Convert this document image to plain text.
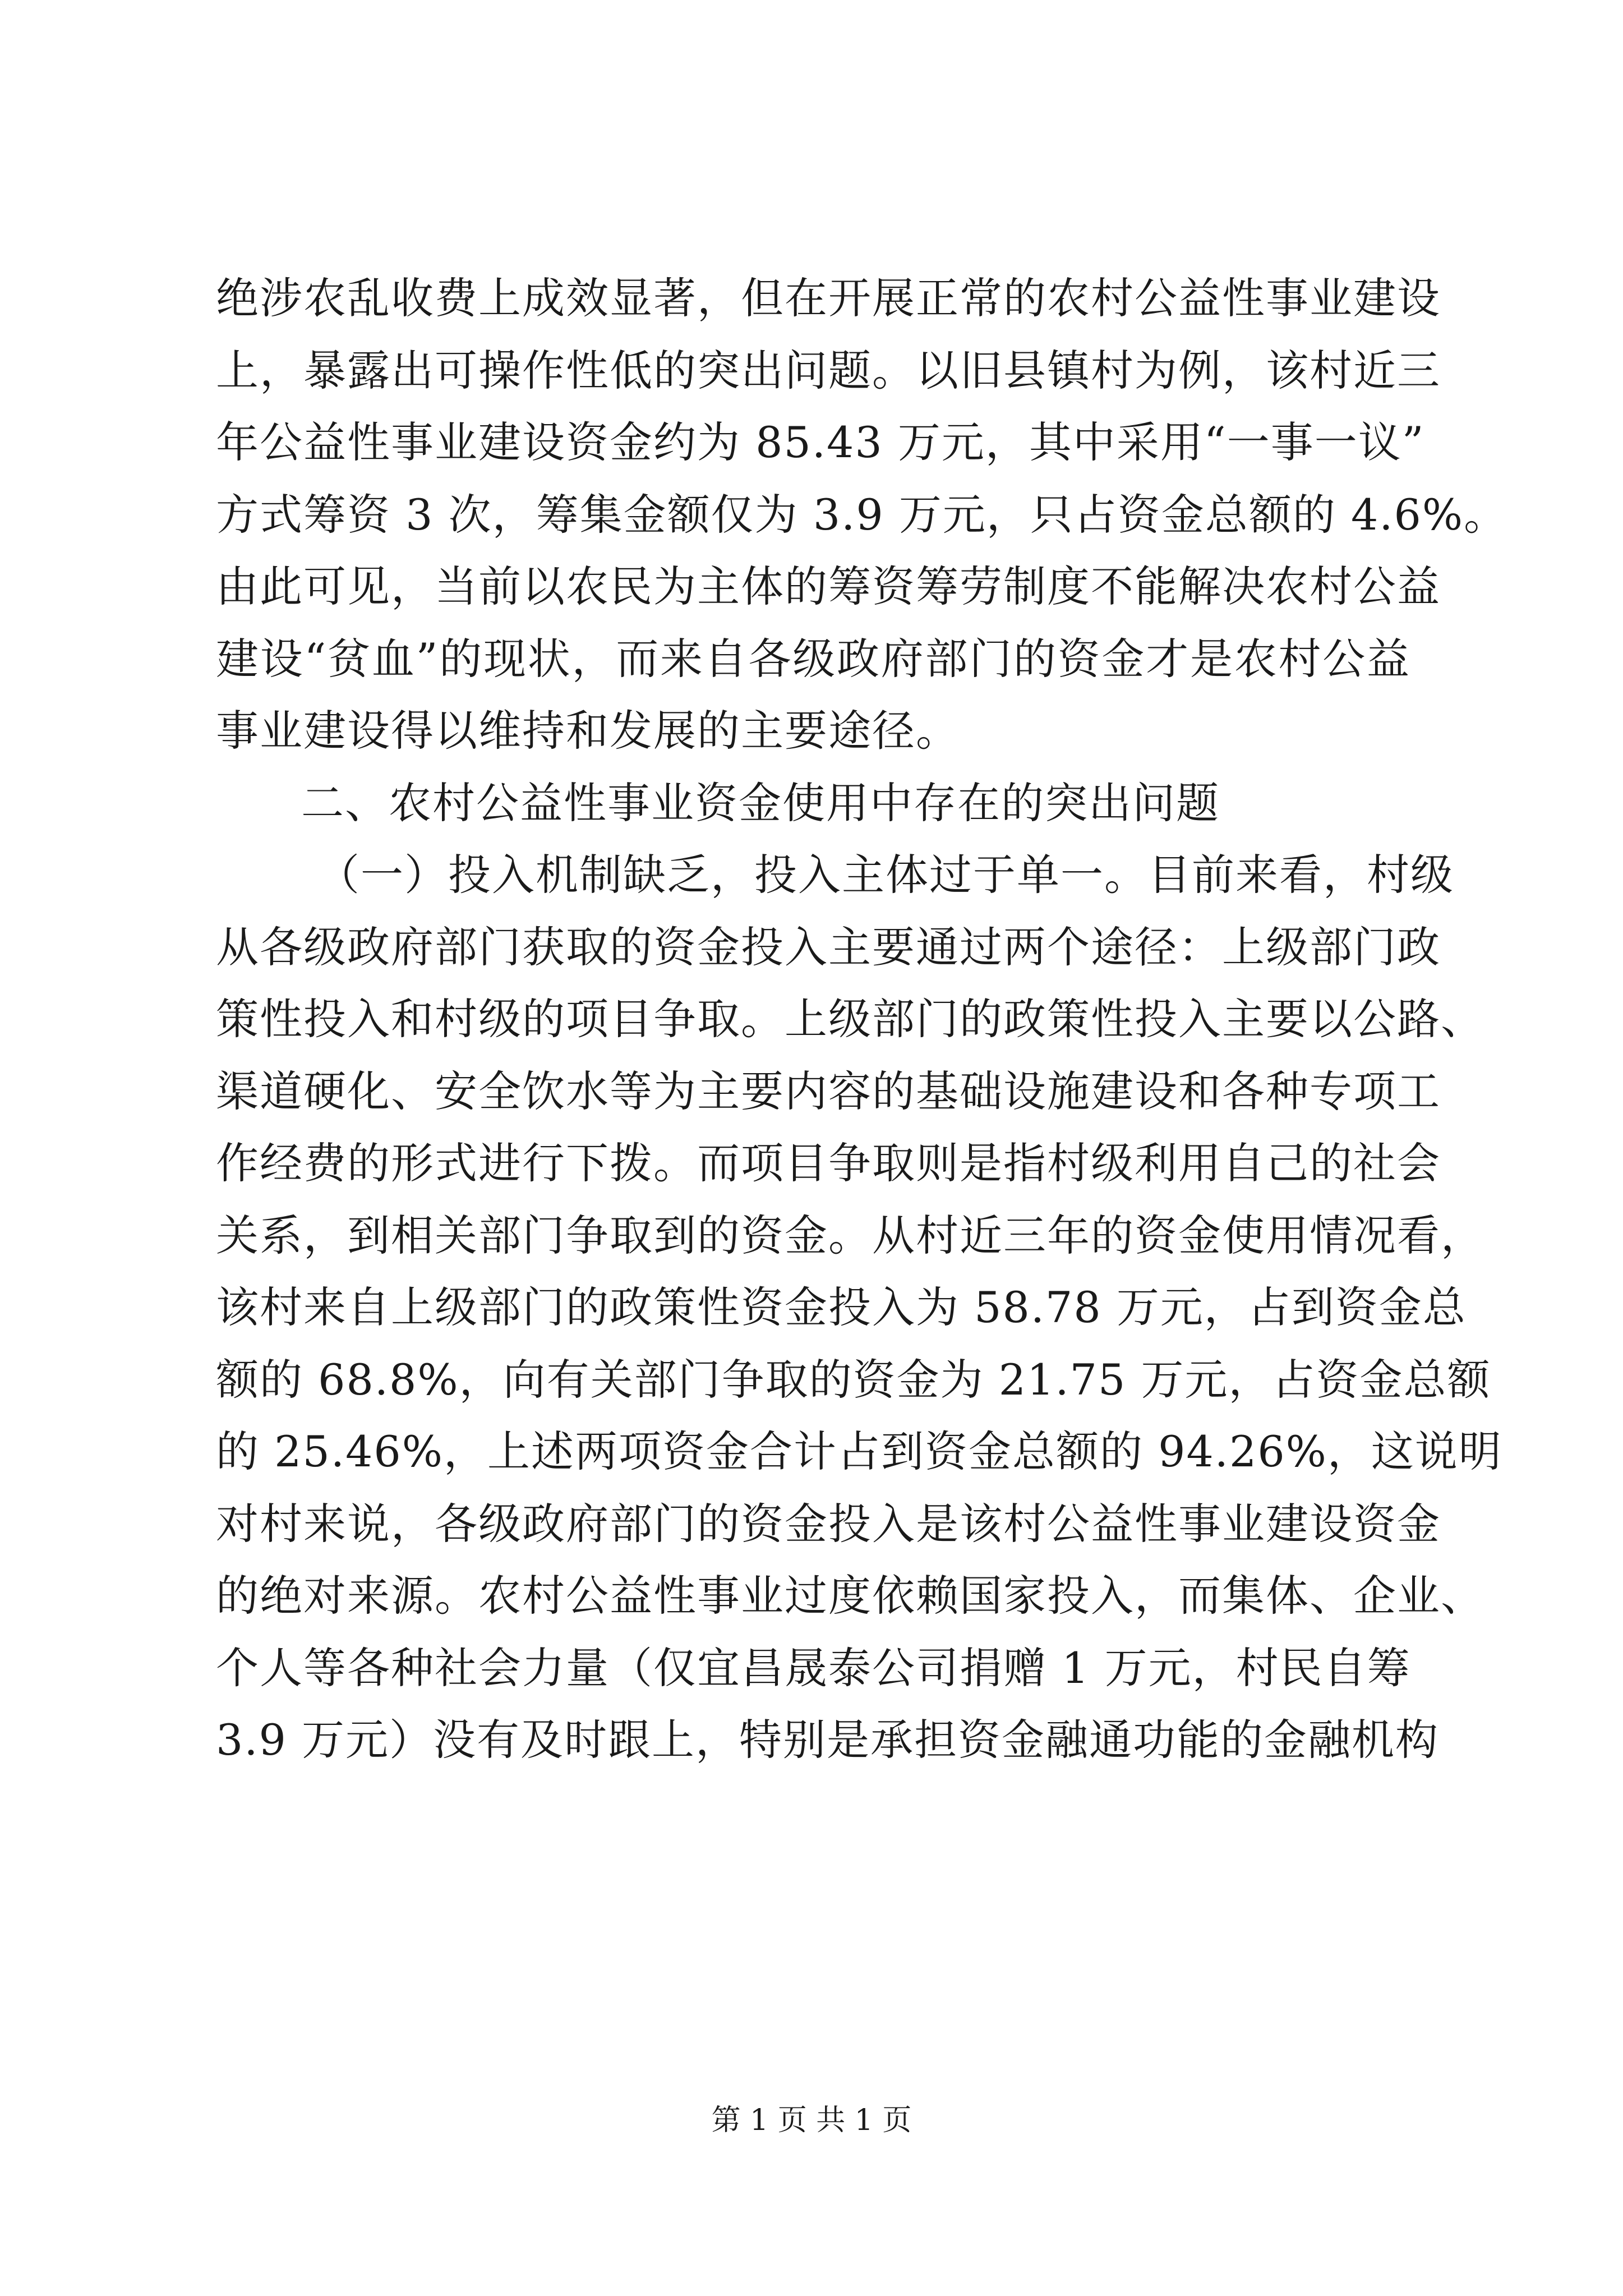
绝涉农乱收费上成效显著，但在开展正常的农村公益性事业建设
上，暴露出可操作性低的突出问题。以旧县镇村为例，该村近三
年公益性事业建设资金约为 85.43 万元，其中采用“一事一议”
方式筹资 3 次，筹集金额仅为 3.9 万元，只占资金总额的 4.6%。
由此可见，当前以农民为主体的筹资筹劳制度不能解决农村公益
建设“贫血”的现状，而来自各级政府部门的资金才是农村公益
事业建设得以维持和发展的主要途径。
二、农村公益性事业资金使用中存在的突出问题
（一）投入机制缺乏，投入主体过于单一。目前来看，村级
从各级政府部门获取的资金投入主要通过两个途径：上级部门政
策性投入和村级的项目争取。上级部门的政策性投入主要以公路、
渠道硬化、安全饮水等为主要内容的基础设施建设和各种专项工
作经费的形式进行下拨。而项目争取则是指村级利用自己的社会
关系，到相关部门争取到的资金。从村近三年的资金使用情况看，
该村来自上级部门的政策性资金投入为 58.78 万元，占到资金总
额的 68.8%，向有关部门争取的资金为 21.75 万元，占资金总额
的 25.46%，上述两项资金合计占到资金总额的 94.26%，这说明
对村来说，各级政府部门的资金投入是该村公益性事业建设资金
的绝对来源。农村公益性事业过度依赖国家投入，而集体、企业、
个人等各种社会力量（仅宜昌晟泰公司捐赠 1 万元，村民自筹
3.9 万元）没有及时跟上，特别是承担资金融通功能的金融机构
第 1 页 共 1 页
